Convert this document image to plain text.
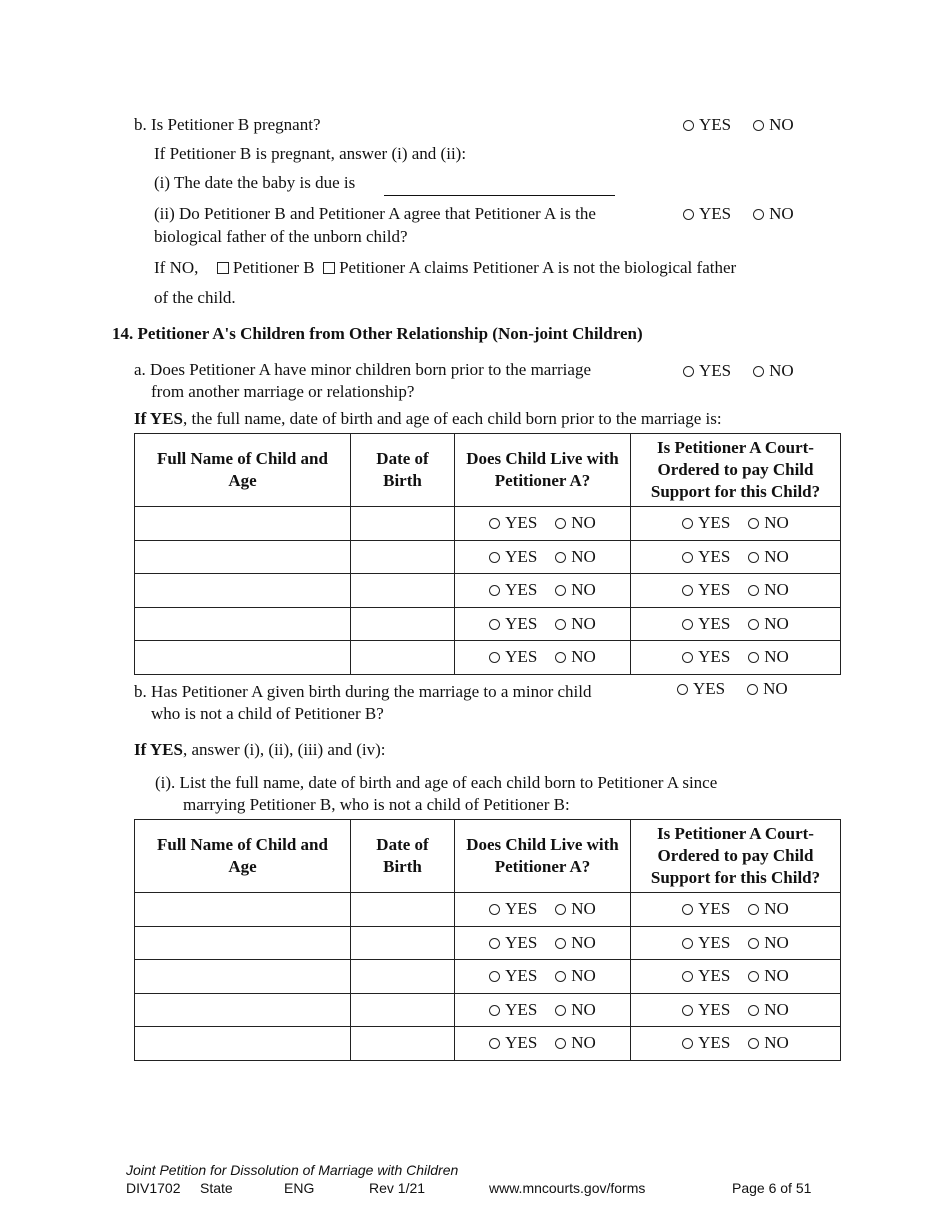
b. Is Petitioner B pregnant?	YES NO
If Petitioner B is pregnant, answer (i) and (ii):
(i) The date the baby is due is
(ii) Do Petitioner B and Petitioner A agree that Petitioner A is the
biological father of the unborn child?
YES NO
If NO, Petitioner B Petitioner A claims Petitioner A is not the biological father
of the child.
14. Petitioner A's Children from Other Relationship (Non-joint Children)
a. Does Petitioner A have minor children born prior to the marriage
from another marriage or relationship?
YES NO
If YES, the full name, date of birth and age of each child born prior to the marriage is:
Full Name of Child and
Age	Date of
Birth	Does Child Live with
Petitioner A?	Is Petitioner A Court-
Ordered to pay Child
Support for this Child?
		YES NO	YES NO
		YES NO	YES NO
		YES NO	YES NO
		YES NO	YES NO
		YES NO	YES NO
b. Has Petitioner A given birth during the marriage to a minor child
who is not a child of Petitioner B?
YES NO
If YES, answer (i), (ii), (iii) and (iv):
(i). List the full name, date of birth and age of each child born to Petitioner A since
marrying Petitioner B, who is not a child of Petitioner B:
Full Name of Child and
Age	Date of
Birth	Does Child Live with
Petitioner A?	Is Petitioner A Court-
Ordered to pay Child
Support for this Child?
		YES NO	YES NO
		YES NO	YES NO
		YES NO	YES NO
		YES NO	YES NO
		YES NO	YES NO
Joint Petition for Dissolution of Marriage with Children
DIV1702 State	ENG	Rev 1/21	www.mncourts.gov/forms	Page 6 of 51
